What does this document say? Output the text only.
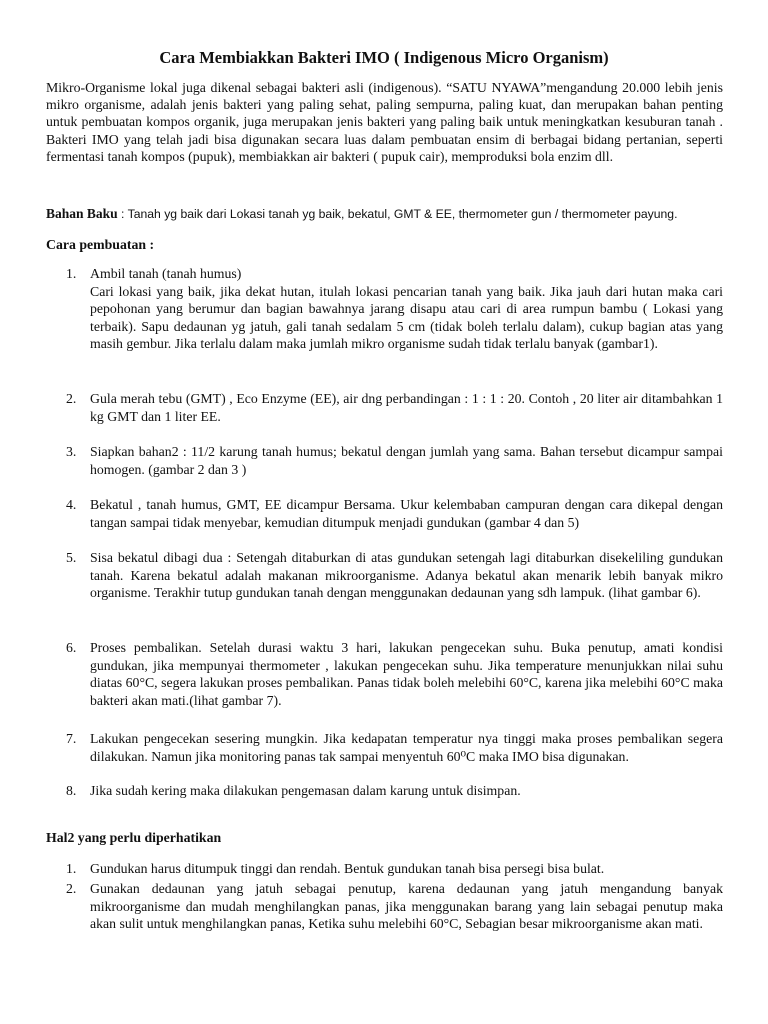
Cara Membiakkan Bakteri IMO ( Indigenous Micro Organism)
Mikro-Organisme lokal juga dikenal sebagai bakteri asli (indigenous). “SATU NYAWA”mengandung 20.000 lebih jenis mikro organisme, adalah jenis bakteri yang paling sehat, paling sempurna, paling kuat, dan merupakan bahan penting untuk pembuatan kompos organik, juga merupakan jenis bakteri yang paling baik untuk meningkatkan kesuburan tanah . Bakteri IMO yang telah jadi bisa digunakan secara luas dalam pembuatan ensim di berbagai bidang pertanian, seperti fermentasi tanah kompos (pupuk), membiakkan air bakteri ( pupuk cair), memproduksi bola enzim dll.
Bahan Baku : Tanah yg baik dari Lokasi tanah yg baik, bekatul, GMT & EE, thermometer gun / thermometer payung.
Cara pembuatan :
1. Ambil tanah (tanah humus)
Cari lokasi yang baik, jika dekat hutan, itulah lokasi pencarian tanah yang baik. Jika jauh dari hutan maka cari pepohonan yang berumur dan bagian bawahnya jarang disapu atau cari di area rumpun bambu ( Lokasi yang terbaik). Sapu dedaunan yg jatuh, gali tanah sedalam 5 cm (tidak boleh terlalu dalam), cukup bagian atas yang masih gembur. Jika terlalu dalam maka jumlah mikro organisme sudah tidak terlalu banyak (gambar1).
2. Gula merah tebu (GMT) , Eco Enzyme (EE), air dng perbandingan : 1 : 1 : 20. Contoh , 20 liter air ditambahkan 1 kg GMT dan 1 liter EE.
3. Siapkan bahan2 : 11/2 karung tanah humus; bekatul dengan jumlah yang sama. Bahan tersebut dicampur sampai homogen. (gambar 2 dan 3 )
4. Bekatul , tanah humus, GMT, EE dicampur Bersama. Ukur kelembaban campuran dengan cara dikepal dengan tangan sampai tidak menyebar, kemudian ditumpuk menjadi gundukan (gambar 4 dan 5)
5. Sisa bekatul dibagi dua : Setengah ditaburkan di atas gundukan setengah lagi ditaburkan disekeliling gundukan tanah. Karena bekatul adalah makanan mikroorganisme. Adanya bekatul akan menarik lebih banyak mikro organisme. Terakhir tutup gundukan tanah dengan menggunakan dedaunan yang sdh lampuk. (lihat gambar 6).
6. Proses pembalikan. Setelah durasi waktu 3 hari, lakukan pengecekan suhu. Buka penutup, amati kondisi gundukan, jika mempunyai thermometer , lakukan pengecekan suhu. Jika temperature menunjukkan nilai suhu diatas 60°C, segera lakukan proses pembalikan. Panas tidak boleh melebihi 60°C, karena jika melebihi 60°C maka bakteri akan mati.(lihat gambar 7).
7. Lakukan pengecekan sesering mungkin. Jika kedapatan temperatur nya tinggi maka proses pembalikan segera dilakukan. Namun jika monitoring panas tak sampai menyentuh 60⁰C maka IMO bisa digunakan.
8. Jika sudah kering maka dilakukan pengemasan dalam karung untuk disimpan.
Hal2 yang perlu diperhatikan
1. Gundukan harus ditumpuk tinggi dan rendah. Bentuk gundukan tanah bisa persegi bisa bulat.
2. Gunakan dedaunan yang jatuh sebagai penutup, karena dedaunan yang jatuh mengandung banyak mikroorganisme dan mudah menghilangkan panas, jika menggunakan barang yang lain sebagai penutup maka akan sulit untuk menghilangkan panas, Ketika suhu melebihi 60°C, Sebagian besar mikroorganisme akan mati.
